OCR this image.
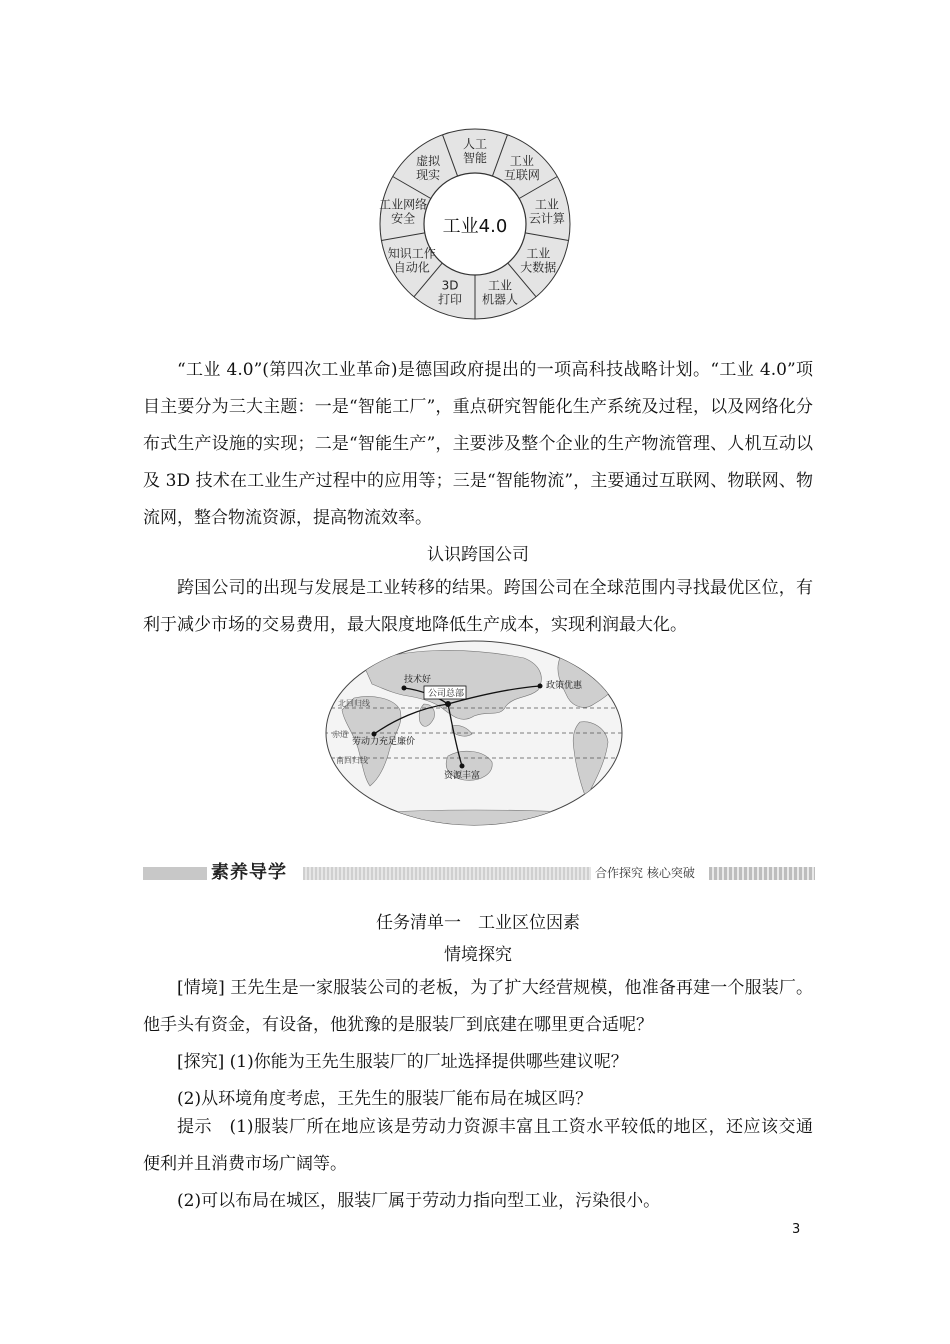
工业4.0
人工智能	工业互联网
工业云计算
工业大数据
工业机器人
3D 打印
知识工作自动化
工业网络安全
虚拟现实

“工业 4.0”(第四次工业革命)是德国政府提出的一项高科技战略计划。“工业 4.0”项目主要分为三大主题：一是“智能工厂”，重点研究智能化生产系统及过程，以及网络化分布式生产设施的实现；二是“智能生产”，主要涉及整个企业的生产物流管理、人机互动以及 3D 技术在工业生产过程中的应用等；三是“智能物流”，主要通过互联网、物联网、物流网，整合物流资源，提高物流效率。

认识跨国公司

跨国公司的出现与发展是工业转移的结果。跨国公司在全球范围内寻找最优区位，有利于减少市场的交易费用，最大限度地降低生产成本，实现利润最大化。

北回归线
赤道
南回归线
公司总部
技术好
政策优惠
劳动力充足廉价
资源丰富
素养导学	合作探究 核心突破
任务清单一　工业区位因素
情境探究

[情境] 王先生是一家服装公司的老板，为了扩大经营规模，他准备再建一个服装厂。他手头有资金，有设备，他犹豫的是服装厂到底建在哪里更合适呢？

[探究] (1)你能为王先生服装厂的厂址选择提供哪些建议呢？

(2)从环境角度考虑，王先生的服装厂能布局在城区吗？

提示　(1)服装厂所在地应该是劳动力资源丰富且工资水平较低的地区，还应该交通便利并且消费市场广阔等。

(2)可以布局在城区，服装厂属于劳动力指向型工业，污染很小。

3
